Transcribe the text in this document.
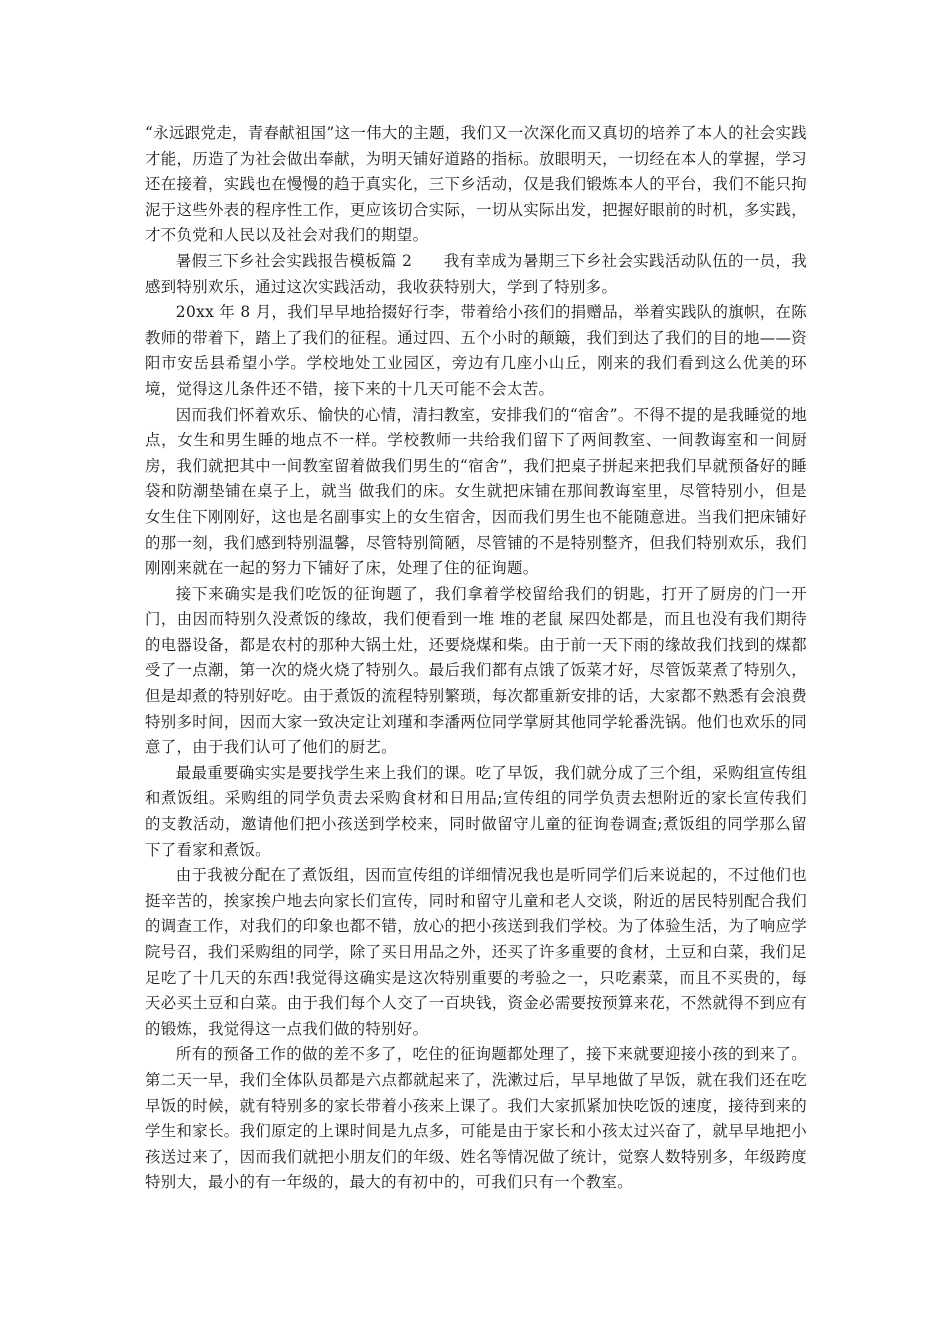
“永远跟党走，青春献祖国”这一伟大的主题，我们又一次深化而又真切的培养了本人的社会实践才能，历造了为社会做出奉献，为明天铺好道路的指标。放眼明天，一切经在本人的掌握，学习还在接着，实践也在慢慢的趋于真实化，三下乡活动，仅是我们锻炼本人的平台，我们不能只拘泥于这些外表的程序性工作，更应该切合实际，一切从实际出发，把握好眼前的时机，多实践，才不负党和人民以及社会对我们的期望。

暑假三下乡社会实践报告模板篇 2　　我有幸成为暑期三下乡社会实践活动队伍的一员，我感到特别欢乐，通过这次实践活动，我收获特别大，学到了特别多。

20xx 年 8 月，我们早早地拾掇好行李，带着给小孩们的捐赠品，举着实践队的旗帜，在陈教师的带着下，踏上了我们的征程。通过四、五个小时的颠簸，我们到达了我们的目的地——资阳市安岳县希望小学。学校地处工业园区，旁边有几座小山丘，刚来的我们看到这么优美的环境，觉得这儿条件还不错，接下来的十几天可能不会太苦。

因而我们怀着欢乐、愉快的心情，清扫教室，安排我们的“宿舍”。不得不提的是我睡觉的地点，女生和男生睡的地点不一样。学校教师一共给我们留下了两间教室、一间教诲室和一间厨房，我们就把其中一间教室留着做我们男生的“宿舍”，我们把桌子拼起来把我们早就预备好的睡袋和防潮垫铺在桌子上，就当 做我们的床。女生就把床铺在那间教诲室里，尽管特别小，但是女生住下刚刚好，这也是名副事实上的女生宿舍，因而我们男生也不能随意进。当我们把床铺好的那一刻，我们感到特别温馨，尽管特别简陋，尽管铺的不是特别整齐，但我们特别欢乐，我们刚刚来就在一起的努力下铺好了床，处理了住的征询题。

接下来确实是我们吃饭的征询题了，我们拿着学校留给我们的钥匙，打开了厨房的门一开门，由因而特别久没煮饭的缘故，我们便看到一堆 堆的老鼠 屎四处都是，而且也没有我们期待的电器设备，都是农村的那种大锅土灶，还要烧煤和柴。由于前一天下雨的缘故我们找到的煤都受了一点潮，第一次的烧火烧了特别久。最后我们都有点饿了饭菜才好，尽管饭菜煮了特别久，但是却煮的特别好吃。由于煮饭的流程特别繁琐，每次都重新安排的话，大家都不熟悉有会浪费特别多时间，因而大家一致决定让刘瑾和李潘两位同学掌厨其他同学轮番洗锅。他们也欢乐的同意了，由于我们认可了他们的厨艺。

最最重要确实实是要找学生来上我们的课。吃了早饭，我们就分成了三个组，采购组宣传组和煮饭组。采购组的同学负责去采购食材和日用品;宣传组的同学负责去想附近的家长宣传我们的支教活动，邀请他们把小孩送到学校来，同时做留守儿童的征询卷调查;煮饭组的同学那么留下了看家和煮饭。

由于我被分配在了煮饭组，因而宣传组的详细情况我也是听同学们后来说起的，不过他们也挺辛苦的，挨家挨户地去向家长们宣传，同时和留守儿童和老人交谈，附近的居民特别配合我们的调查工作，对我们的印象也都不错，放心的把小孩送到我们学校。为了体验生活，为了响应学院号召，我们采购组的同学，除了买日用品之外，还买了许多重要的食材，土豆和白菜，我们足足吃了十几天的东西!我觉得这确实是这次特别重要的考验之一，只吃素菜，而且不买贵的，每天必买土豆和白菜。由于我们每个人交了一百块钱，资金必需要按预算来花，不然就得不到应有的锻炼，我觉得这一点我们做的特别好。

所有的预备工作的做的差不多了，吃住的征询题都处理了，接下来就要迎接小孩的到来了。第二天一早，我们全体队员都是六点都就起来了，洗漱过后，早早地做了早饭，就在我们还在吃早饭的时候，就有特别多的家长带着小孩来上课了。我们大家抓紧加快吃饭的速度，接待到来的学生和家长。我们原定的上课时间是九点多，可能是由于家长和小孩太过兴奋了，就早早地把小孩送过来了，因而我们就把小朋友们的年级、姓名等情况做了统计，觉察人数特别多，年级跨度特别大，最小的有一年级的，最大的有初中的，可我们只有一个教室。
